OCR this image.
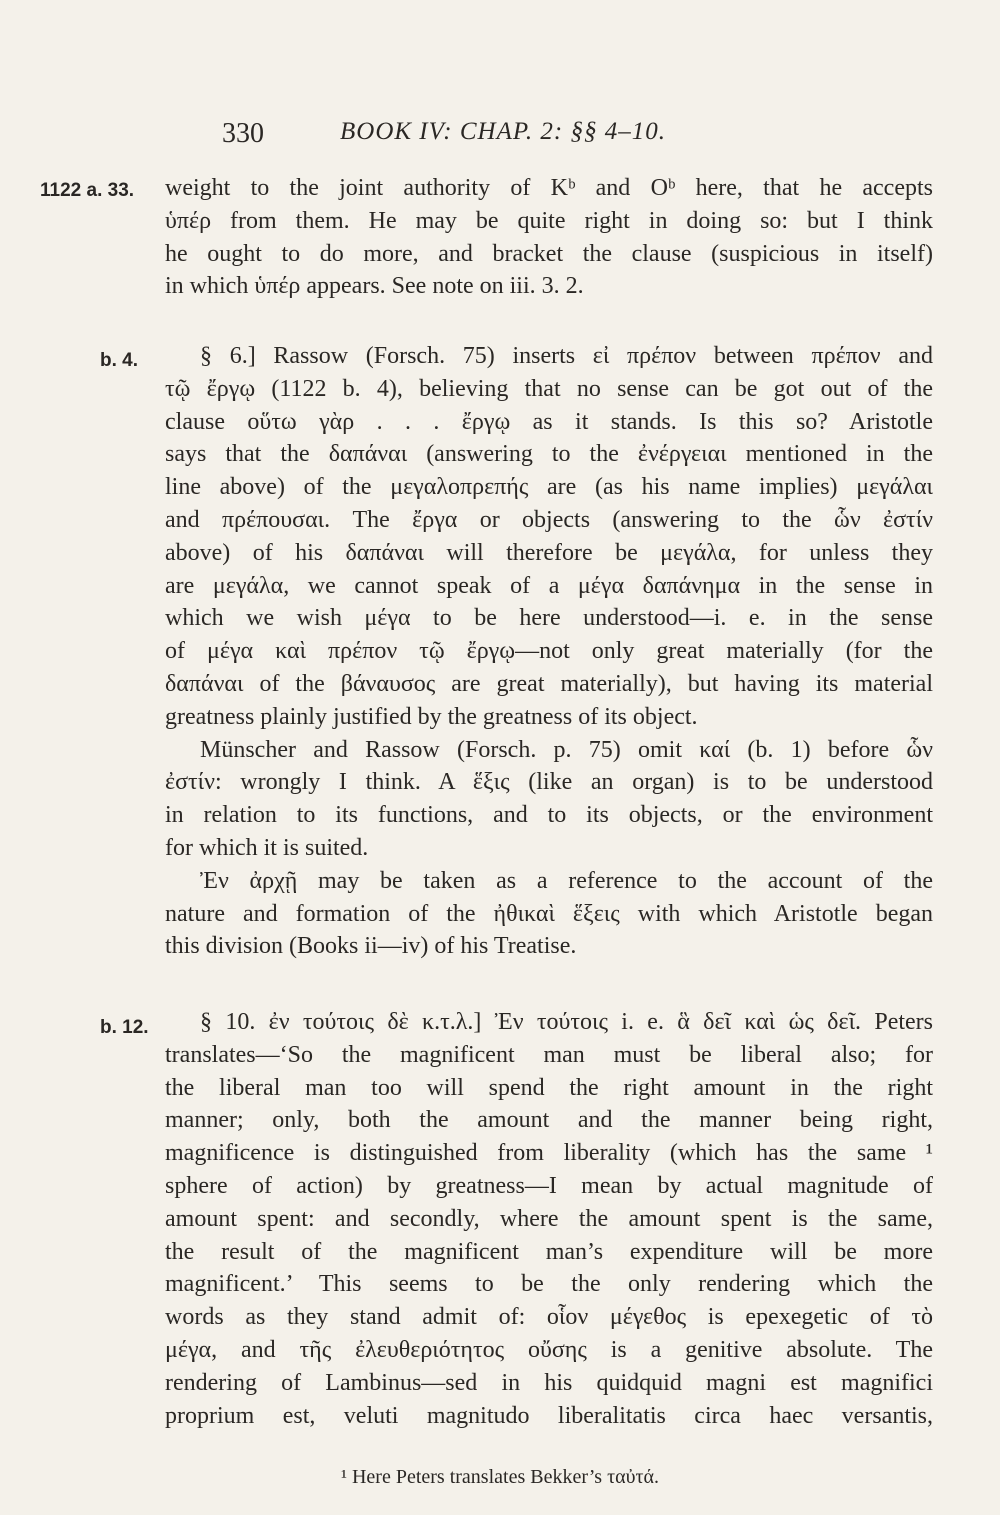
330	BOOK IV: CHAP. 2: §§ 4–10.
1122 a. 33. weight to the joint authority of Kᵇ and Oᵇ here, that he accepts
ὑπέρ from them. He may be quite right in doing so: but I think
he ought to do more, and bracket the clause (suspicious in itself)
in which ὑπέρ appears. See note on iii. 3. 2.
b. 4.	§ 6.] Rassow (Forsch. 75) inserts εἰ πρέπον between πρέπον and
τῷ ἔργῳ (1122 b. 4), believing that no sense can be got out of the
clause οὕτω γὰρ . . . ἔργῳ as it stands. Is this so? Aristotle
says that the δαπάναι (answering to the ἐνέργειαι mentioned in the
line above) of the μεγαλοπρεπής are (as his name implies) μεγάλαι
and πρέπουσαι. The ἔργα or objects (answering to the ὧν ἐστίν
above) of his δαπάναι will therefore be μεγάλα, for unless they
are μεγάλα, we cannot speak of a μέγα δαπάνημα in the sense in
which we wish μέγα to be here understood—i. e. in the sense
of μέγα καὶ πρέπον τῷ ἔργῳ—not only great materially (for the
δαπάναι of the βάναυσος are great materially), but having its material
greatness plainly justified by the greatness of its object.
Münscher and Rassow (Forsch. p. 75) omit καί (b. 1) before ὧν
ἐστίν: wrongly I think. A ἕξις (like an organ) is to be understood
in relation to its functions, and to its objects, or the environment
for which it is suited.
Ἐν ἀρχῇ may be taken as a reference to the account of the
nature and formation of the ἠθικαὶ ἕξεις with which Aristotle began
this division (Books ii—iv) of his Treatise.
b. 12.	§ 10. ἐν τούτοις δὲ κ.τ.λ.] Ἐν τούτοις i. e. ἃ δεῖ καὶ ὡς δεῖ. Peters
translates—‘So the magnificent man must be liberal also; for
the liberal man too will spend the right amount in the right
manner; only, both the amount and the manner being right,
magnificence is distinguished from liberality (which has the same ¹
sphere of action) by greatness—I mean by actual magnitude of
amount spent: and secondly, where the amount spent is the same,
the result of the magnificent man’s expenditure will be more
magnificent.’ This seems to be the only rendering which the
words as they stand admit of: οἷον μέγεθος is epexegetic of τὸ
μέγα, and τῆς ἐλευθεριότητος οὔσης is a genitive absolute. The
rendering of Lambinus—sed in his quidquid magni est magnifici
proprium est, veluti magnitudo liberalitatis circa haec versantis,
¹ Here Peters translates Bekker’s ταὐτά.
